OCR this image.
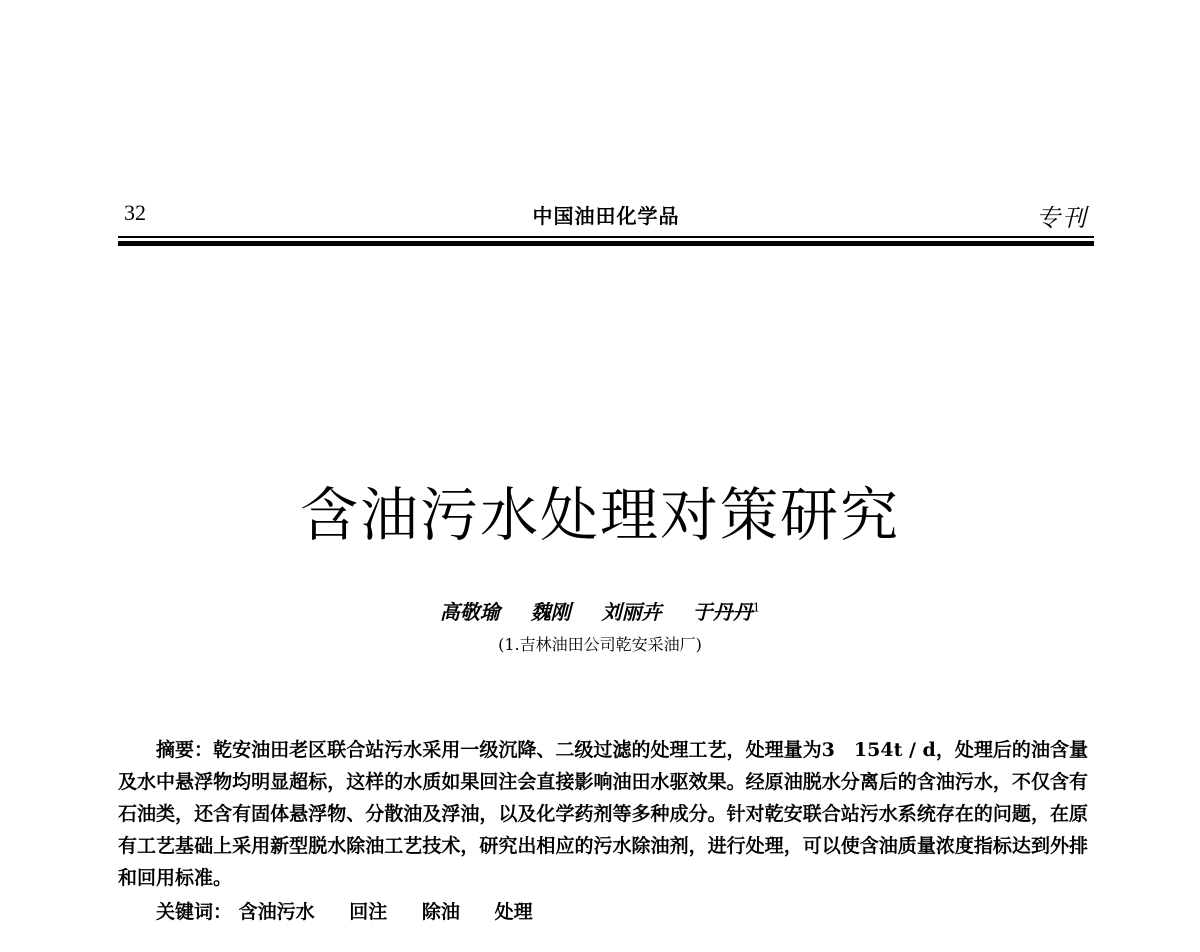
32	中国油田化学品	专刊
含油污水处理对策研究
高敬瑜 魏刚 刘丽卉 于丹丹$^1$
(1.吉林油田公司乾安采油厂)
摘要：乾安油田老区联合站污水采用一级沉降、二级过滤的处理工艺，处理量为3　154t / d，处理后的油含量及水中悬浮物均明显超标，这样的水质如果回注会直接影响油田水驱效果。经原油脱水分离后的含油污水，不仅含有石油类，还含有固体悬浮物、分散油及浮油，以及化学药剂等多种成分。针对乾安联合站污水系统存在的问题，在原有工艺基础上采用新型脱水除油工艺技术，研究出相应的污水除油剂，进行处理，可以使含油质量浓度指标达到外排和回用标准。
关键词： 含油污水 回注 除油 处理
